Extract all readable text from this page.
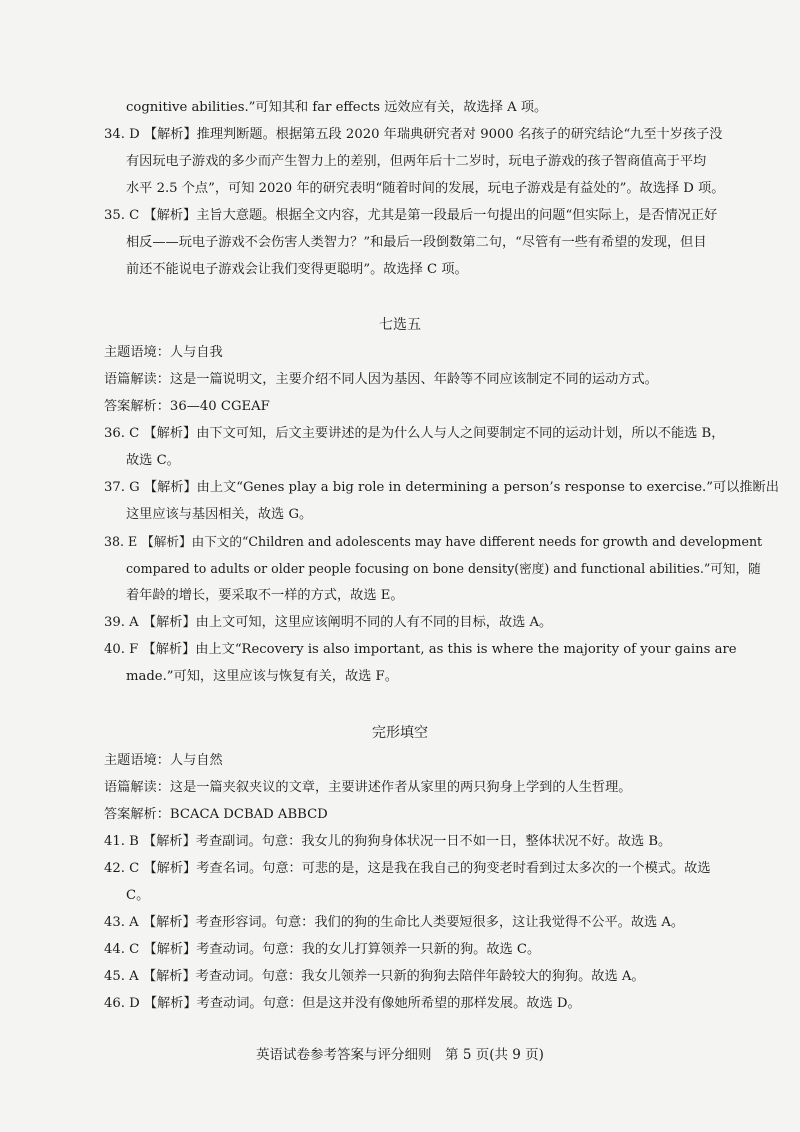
cognitive abilities.”可知其和 far effects 远效应有关，故选择 A 项。
34. D 【解析】推理判断题。根据第五段 2020 年瑞典研究者对 9000 名孩子的研究结论“九至十岁孩子没
有因玩电子游戏的多少而产生智力上的差别，但两年后十二岁时，玩电子游戏的孩子智商值高于平均
水平 2.5 个点”，可知 2020 年的研究表明“随着时间的发展，玩电子游戏是有益处的”。故选择 D 项。
35. C 【解析】主旨大意题。根据全文内容，尤其是第一段最后一句提出的问题“但实际上，是否情况正好
相反——玩电子游戏不会伤害人类智力？”和最后一段倒数第二句，“尽管有一些有希望的发现，但目
前还不能说电子游戏会让我们变得更聪明”。故选择 C 项。
七选五
主题语境：人与自我
语篇解读：这是一篇说明文，主要介绍不同人因为基因、年龄等不同应该制定不同的运动方式。
答案解析：36—40 CGEAF
36. C 【解析】由下文可知，后文主要讲述的是为什么人与人之间要制定不同的运动计划，所以不能选 B，
故选 C。
37. G 【解析】由上文“Genes play a big role in determining a person’s response to exercise.”可以推断出
这里应该与基因相关，故选 G。
38. E 【解析】由下文的“Children and adolescents may have different needs for growth and development
compared to adults or older people focusing on bone density(密度) and functional abilities.”可知，随
着年龄的增长，要采取不一样的方式，故选 E。
39. A 【解析】由上文可知，这里应该阐明不同的人有不同的目标，故选 A。
40. F 【解析】由上文“Recovery is also important, as this is where the majority of your gains are
made.”可知，这里应该与恢复有关，故选 F。
完形填空
主题语境：人与自然
语篇解读：这是一篇夹叙夹议的文章，主要讲述作者从家里的两只狗身上学到的人生哲理。
答案解析：BCACA DCBAD ABBCD
41. B 【解析】考查副词。句意：我女儿的狗狗身体状况一日不如一日，整体状况不好。故选 B。
42. C 【解析】考查名词。句意：可悲的是，这是我在我自己的狗变老时看到过太多次的一个模式。故选
C。
43. A 【解析】考查形容词。句意：我们的狗的生命比人类要短很多，这让我觉得不公平。故选 A。
44. C 【解析】考查动词。句意：我的女儿打算领养一只新的狗。故选 C。
45. A 【解析】考查动词。句意：我女儿领养一只新的狗狗去陪伴年龄较大的狗狗。故选 A。
46. D 【解析】考查动词。句意：但是这并没有像她所希望的那样发展。故选 D。
英语试卷参考答案与评分细则　第 5 页(共 9 页)
